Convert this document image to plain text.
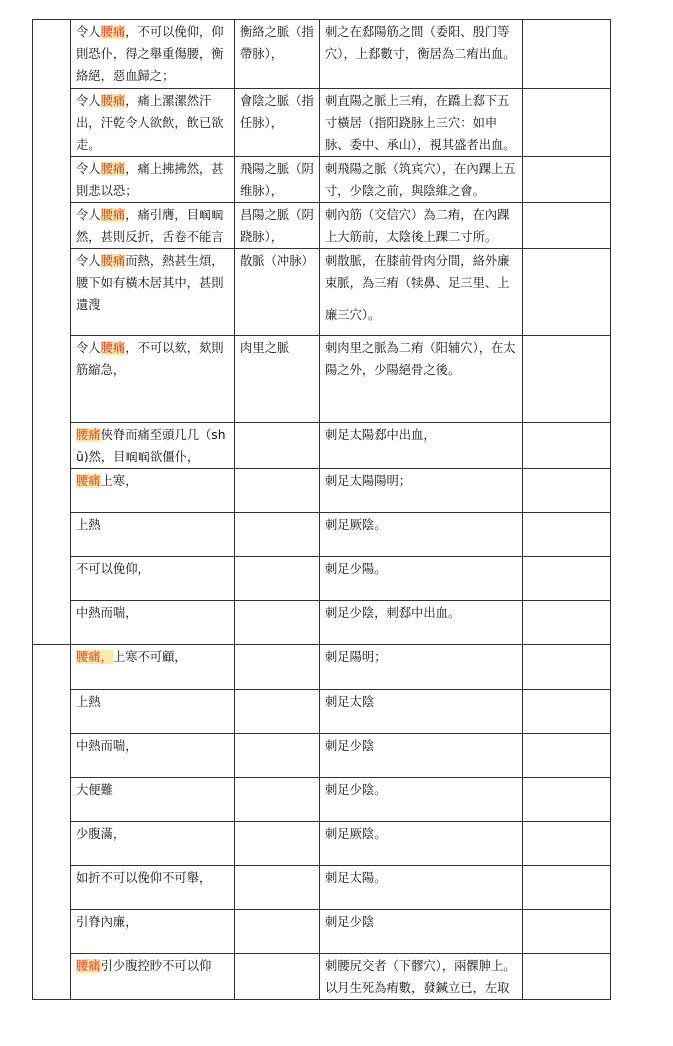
	令人腰痛，不可以俛仰，仰則恐仆，得之舉重傷腰，衡絡絕，惡血歸之；	衡絡之脈（指帶脉），	刺之在郄陽筋之間（委阳、殷门等穴），上郄數寸，衡居為二痏出血。	
	令人腰痛，痛上漯漯然汗出，汗乾令人欲飲，飲已欲走。	會陰之脈（指任脉），	刺直陽之脈上三痏，在蹻上郄下五寸橫居（指阳跷脉上三穴：如申脉、委中、承山），視其盛者出血。	
	令人腰痛，痛上拂拂然，甚則悲以恐；	飛陽之脈（阴维脉），	刺飛陽之脈（筑宾穴），在內踝上五寸，少陰之前，與陰維之會。	
	令人腰痛，痛引膺，目𥆧𥆧然，甚則反折，舌卷不能言	昌陽之脈（阴跷脉），	刺內筋（交信穴）為二痏，在內踝上大筋前，太陰後上踝二寸所。	
	令人腰痛而熱，熱甚生煩，腰下如有橫木居其中，甚則遺溲	散脈（冲脉）	刺散脈，在膝前骨肉分間，絡外廉束脈，為三痏（犊鼻、足三里、上
廉三穴）。	

	令人腰痛，不可以欬，欬則筋縮急，	肉里之脈	刺肉里之脈為二痏（阳辅穴），在太陽之外，少陽絕骨之後。	
	腰痛俠脊而痛至頭几几（shū)然，目𥆧𥆧欲僵仆，		刺足太陽郄中出血，	
	腰痛上寒，		刺足太陽陽明；	
	上熱		刺足厥陰。	
	不可以俛仰，		刺足少陽。	
	中熱而喘，		刺足少陰，刺郄中出血。	
	腰痛，上寒不可顧，		刺足陽明；	
	上熱		刺足太陰	
	中熱而喘，		刺足少陰	
	大便難		刺足少陰。	
	少腹滿，		刺足厥陰。	
	如折不可以俛仰不可舉，		刺足太陽。	
	引脊內廉，		刺足少陰	
	腰痛引少腹控眇不可以仰		刺腰尻交者（下髎穴），兩髁胂上。以月生死為痏數，發鍼立已，左取	
